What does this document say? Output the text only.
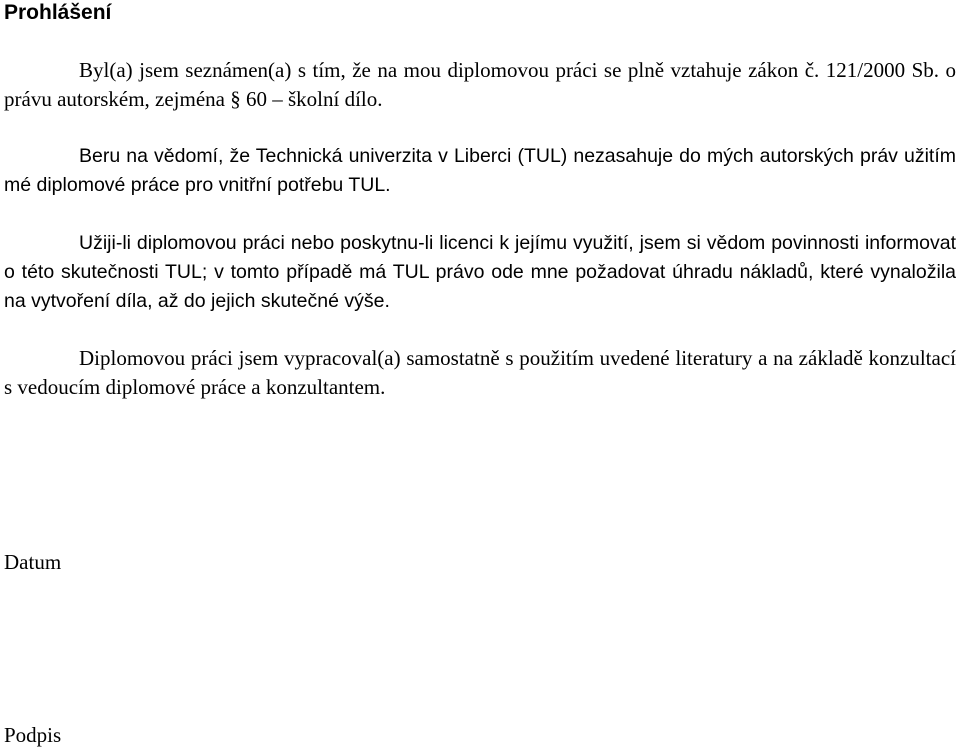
Prohlášení

Byl(a) jsem seznámen(a) s tím, že na mou diplomovou práci se plně vztahuje zákon č. 121/2000 Sb. o právu autorském, zejména § 60 – školní dílo.

Beru na vědomí, že Technická univerzita v Liberci (TUL) nezasahuje do mých autorských práv užitím mé diplomové práce pro vnitřní potřebu TUL.

Užiji-li diplomovou práci nebo poskytnu-li licenci k jejímu využití, jsem si vědom povinnosti informovat o této skutečnosti TUL; v tomto případě má TUL právo ode mne požadovat úhradu nákladů, které vynaložila na vytvoření díla, až do jejich skutečné výše.

Diplomovou práci jsem vypracoval(a) samostatně s použitím uvedené literatury a na základě konzultací s vedoucím diplomové práce a konzultantem.

Datum

Podpis
